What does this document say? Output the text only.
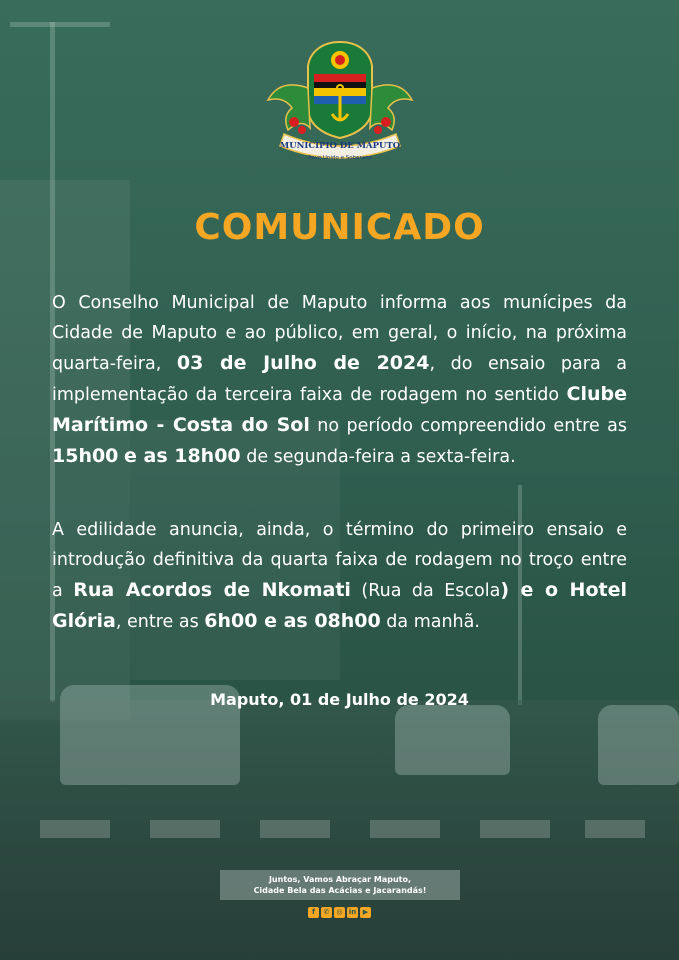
MUNICÍPIO DE MAPUTO
Povo Unido e Soberano
COMUNICADO
O Conselho Municipal de Maputo informa aos munícipes da Cidade de Maputo e ao público, em geral, o início, na próxima quarta-feira, 03 de Julho de 2024, do ensaio para a implementação da terceira faixa de rodagem no sentido Clube Marítimo - Costa do Sol no período compreendido entre as 15h00 e as 18h00 de segunda-feira a sexta-feira.
A edilidade anuncia, ainda, o término do primeiro ensaio e introdução definitiva da quarta faixa de rodagem no troço entre a Rua Acordos de Nkomati (Rua da Escola) e o Hotel Glória, entre as 6h00 e as 08h00 da manhã.
Maputo, 01 de Julho de 2024
Juntos, Vamos Abraçar Maputo,
Cidade Bela das Acácias e Jacarandás!
f	✆	◎ in ▶
